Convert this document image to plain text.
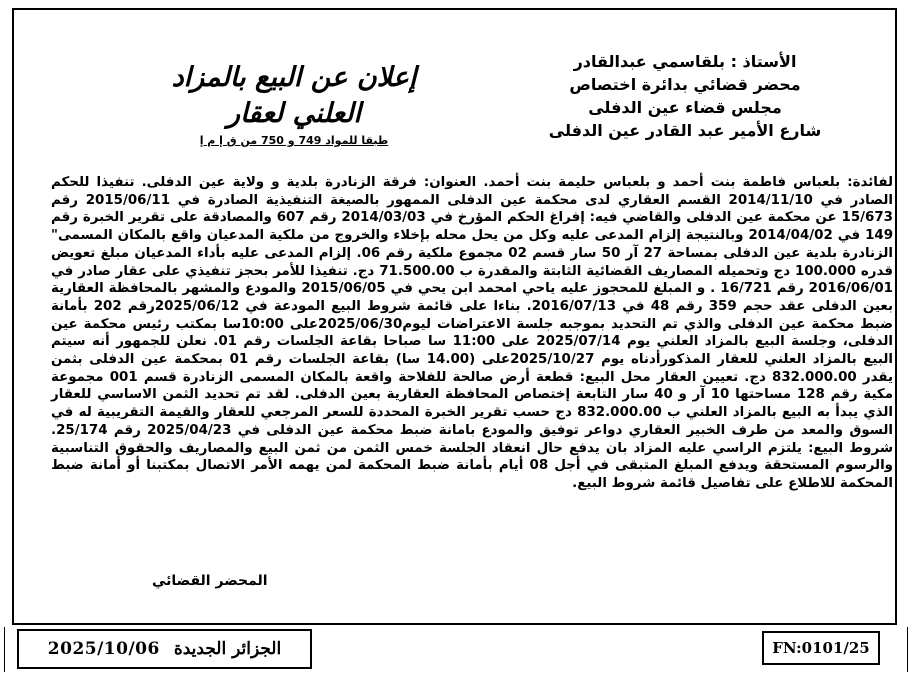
الأستاذ : بلقاسمي عبدالقادر
محضر قضائي بدائرة اختصاص
مجلس قضاء عين الدفلى
شارع الأمير عبد القادر عين الدفلى
إعلان عن البيع بالمزاد
العلني لعقار
طبقا للمواد 749 و 750 من ق إ م إ
لفائدة: بلعباس فاطمة بنت أحمد و بلعباس حليمة بنت أحمد. العنوان: فرقة الزنادرة بلدية و ولاية عين الدفلى. تنفيذا للحكم الصادر في 2014/11/10 القسم العقاري لدى محكمة عين الدفلى الممهور بالصيغة التنفيذية الصادرة في 2015/06/11 رقم 15/673 عن محكمة عين الدفلى والقاضي فيه: إفراغ الحكم المؤرخ في 2014/03/03 رقم 607 والمصادقة على تقرير الخبرة رقم 149 في 2014/04/02 وبالنتيجة إلزام المدعى عليه وكل من يحل محله بإخلاء والخروج من ملكية المدعيان واقع بالمكان المسمى" الزنادرة بلدية عين الدفلى بمساحة 27 آر 50 سار قسم 02 مجموع ملكية رقم 06. إلزام المدعى عليه بأداء المدعيان مبلغ تعويض قدره 100.000 دج وتحميله المصاريف القضائية الثابتة والمقدرة ب 71.500.00 دج. تنفيذا للأمر بحجز تنفيذي على عقار صادر في 2016/06/01 رقم 16/721 . و المبلغ للمحجوز عليه ياحي امحمد ابن يحي في 2015/06/05 والمودع والمشهر بالمحافظة العقارية بعين الدفلى عقد حجم 359 رقم 48 في 2016/07/13. بناءا على قائمة شروط البيع المودعة في 2025/06/12رقم 202 بأمانة ضبط محكمة عين الدفلى والذي تم التحديد بموجبه جلسة الاعتراضات ليوم2025/06/30على 10:00سا بمكتب رئيس محكمة عين الدفلى، وجلسة البيع بالمزاد العلني يوم 2025/07/14 على 11:00 سا صباحا بقاعة الجلسات رقم 01. نعلن للجمهور أنه سيتم البيع بالمزاد العلني للعقار المذكورأدناه يوم 2025/10/27على (14.00 سا) بقاعة الجلسات رقم 01 بمحكمة عين الدفلى بثمن يقدر 832.000.00 دج. تعيين العقار محل البيع: قطعة أرض صالحة للفلاحة واقعة بالمكان المسمى الزنادرة قسم 001 مجموعة مكية رقم 128 مساحتها 10 آر و 40 سار التابعة إختصاص المحافظة العقارية بعين الدفلى. لقد تم تحديد الثمن الاساسي للعقار الذي يبدأ به البيع بالمزاد العلني ب 832.000.00 دج حسب تقرير الخبرة المحددة للسعر المرجعي للعقار والقيمة التقريبية له في السوق والمعد من طرف الخبير العقاري دواعر توفيق والمودع بامانة ضبط محكمة عين الدفلى في 2025/04/23 رقم 25/174. شروط البيع: يلتزم الراسي عليه المزاد بان يدفع حال انعقاد الجلسة خمس الثمن من ثمن البيع والمصاريف والحقوق التناسبية والرسوم المستحقة ويدفع المبلغ المتبقى في أجل 08 أيام بأمانة ضبط المحكمة لمن يهمه الأمر الاتصال بمكتبنا أو أمانة ضبط المحكمة للاطلاع على تفاصيل قائمة شروط البيع.
المحضر القضائي
2025/10/06 الجزائر الجديدة	FN:0101/25
